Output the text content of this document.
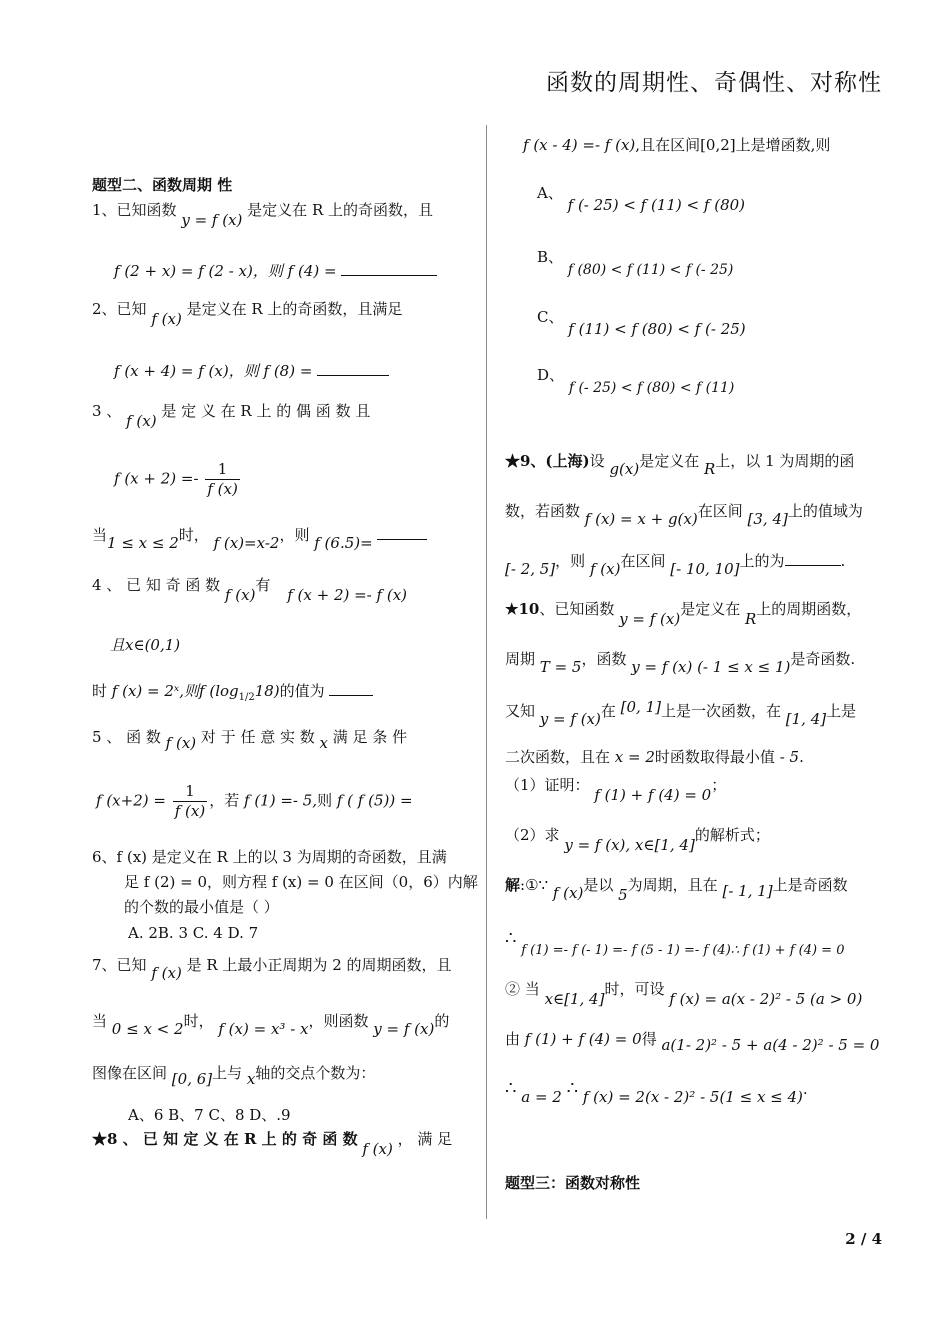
函数的周期性、奇偶性、对称性
题型二、函数周期 性
1、已知函数 y = f (x) 是定义在 R 上的奇函数，且
f (2 + x) = f (2 - x)，则 f (4) =
2、已知 f (x) 是定义在 R 上的奇函数，且满足
f (x + 4) = f (x)，则 f (8) =
3 、 f (x) 是 定 义 在 R 上 的 偶 函 数 且
f $(x + 2) =- \frac{1}{f (x)}$
当1 ≤ x ≤ 2时， f (x)=x-2，则 f (6.5)=
4 、 已 知 奇 函 数 f (x)有 f (x + 2) =- f (x)
且x∈(0,1)
时 f (x) = 2ˣ,则f $(\log_{1/2}18)$的值为
5 、 函 数 f (x) 对 于 任 意 实 数 x 满 足 条 件
f $(x+2) = \frac{1}{f (x)}$ ，若 f (1) =- 5,则 f ( f (5)) =
6、f (x) 是定义在 R 上的以 3 为周期的奇函数，且满
足 f (2) = 0，则方程 f (x) = 0 在区间（0，6）内解
的个数的最小值是（ ）
A. 2B. 3 C. 4 D. 7
7、已知 f (x) 是 R 上最小正周期为 2 的周期函数，且
当 0 ≤ x < 2时， f (x) = x³ - x，则函数 y = f (x)的
图像在区间 [0, 6]上与 x轴的交点个数为：
A、6 B、7 C、8 D、.9
★8 、 已 知 定 义 在 R 上 的 奇 函 数 f (x) ， 满 足
f (x - 4) =- f (x),且在区间[0,2]上是增函数,则
A、 f (- 25) < f (11) < f (80)
B、 f (80) < f (11) < f (- 25)
C、 f (11) < f (80) < f (- 25)
D、 f (- 25) < f (80) < f (11)
★9、(上海)设 g(x)是定义在 R上，以 1 为周期的函
数，若函数 f (x) = x + g(x)在区间 [3, 4]上的值域为
[- 2, 5]，则 f (x)在区间 [- 10, 10]上的为	.
★10、已知函数 y = f (x)是定义在 R上的周期函数，
周期 T = 5，函数 y = f (x) (- 1 ≤ x ≤ 1)是奇函数.
又知 y = f (x)在 [0, 1]上是一次函数，在 [1, 4]上是
二次函数，且在 x = 2时函数取得最小值 - 5.
（1）证明： f (1) + f (4) = 0；
（2）求 y = f (x), x∈[1, 4]的解析式；
解:①∵ f (x)是以 5为周期，且在 [- 1, 1]上是奇函数
∴ f (1) =- f (- 1) =- f (5 - 1) =- f (4)∴ f (1) + f (4) = 0
② 当 x∈[1, 4]时，可设 f (x) = a(x - 2)² - 5 (a > 0)
由 f (1) + f (4) = 0得 a(1- 2)² - 5 + a(4 - 2)² - 5 = 0
∴ a = 2 ∴ f (x) = 2(x - 2)² - 5(1 ≤ x ≤ 4).
题型三：函数对称性
2 / 4
